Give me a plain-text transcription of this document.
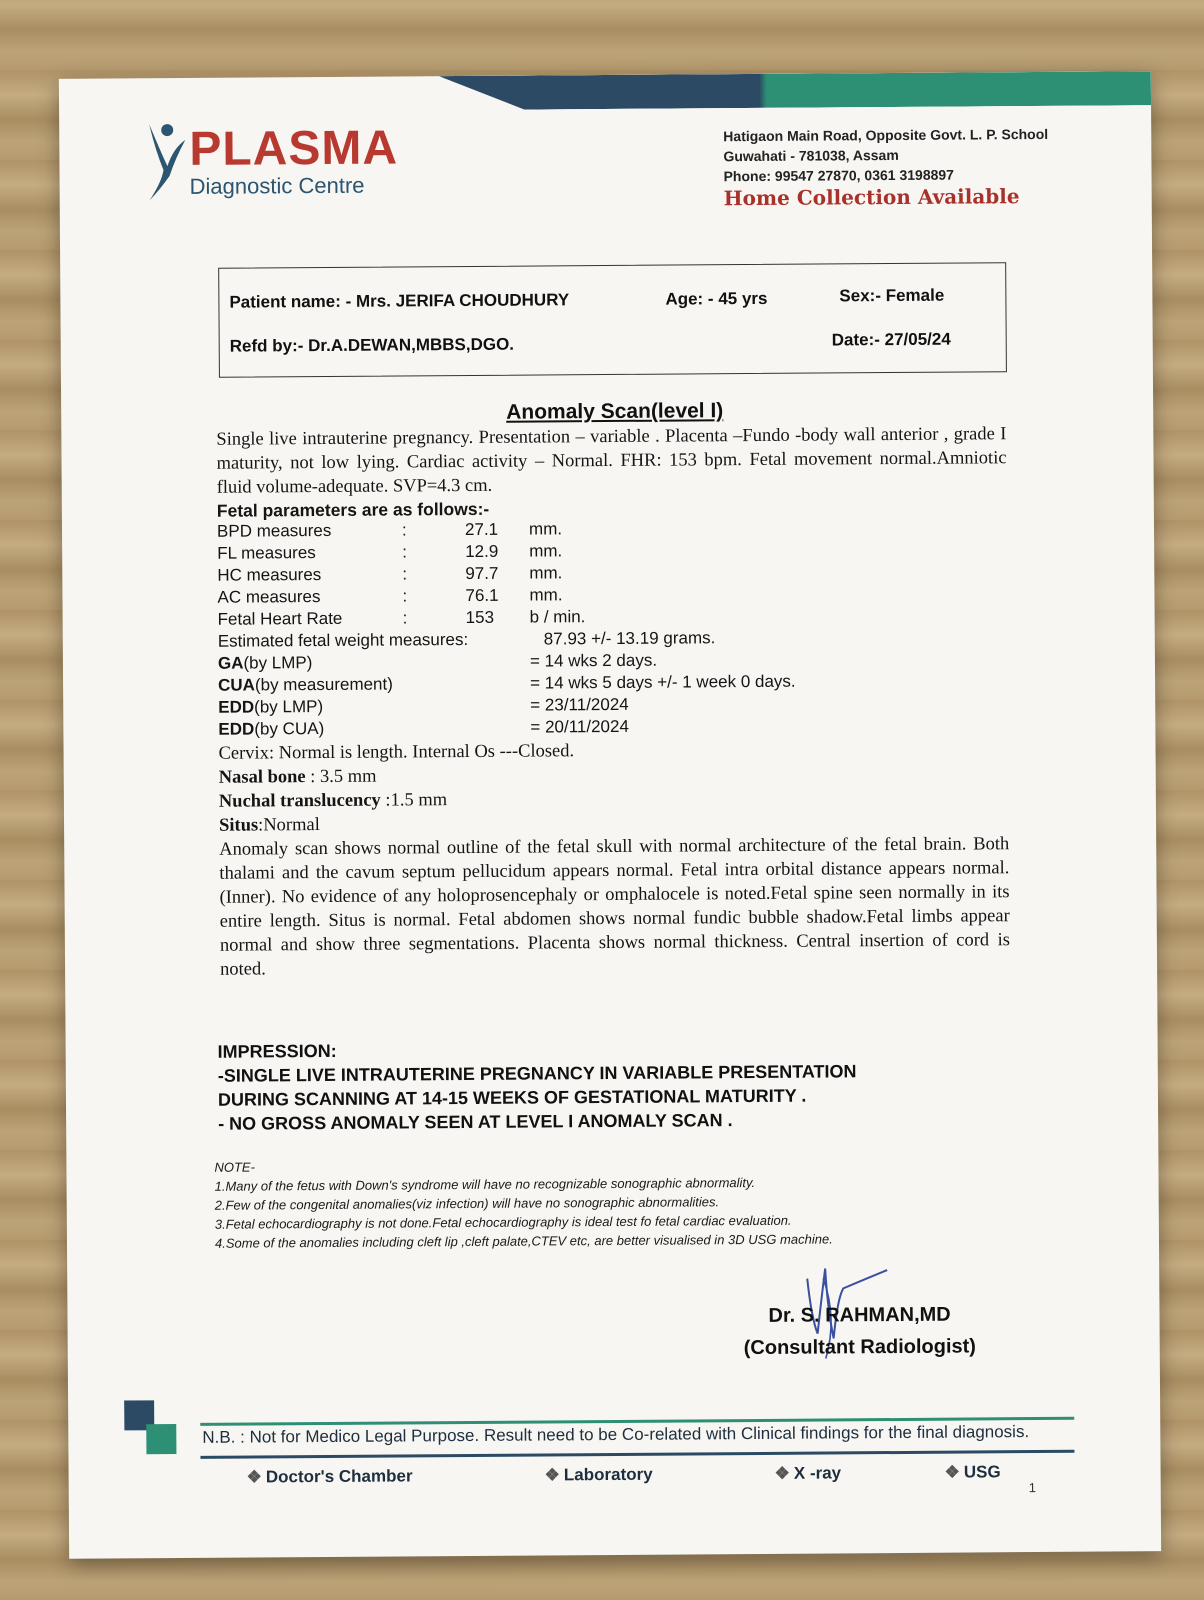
PLASMA
Diagnostic Centre
Hatigaon Main Road, Opposite Govt. L. P. School
Guwahati - 781038, Assam
Phone: 99547 27870, 0361 3198897
Home Collection Available
Patient name: - Mrs. JERIFA CHOUDHURY	Age: - 45 yrs	Sex:- Female
Refd by:- Dr.A.DEWAN,MBBS,DGO.	Date:- 27/05/24
Anomaly Scan(level I)
Single live intrauterine pregnancy. Presentation – variable . Placenta –Fundo -body wall anterior , grade I maturity, not low lying. Cardiac activity – Normal. FHR: 153 bpm. Fetal movement normal.Amniotic fluid volume-adequate. SVP=4.3 cm.
Fetal parameters are as follows:-
BPD measures	:	27.1 mm.
FL measures	:	12.9 mm.
HC measures	:	97.7 mm.
AC measures	:	76.1 mm.
Fetal Heart Rate	:	153 b / min.
Estimated fetal weight measures:	87.93 +/- 13.19 grams.
GA (by LMP)	= 14 wks 2 days.
CUA (by measurement)	= 14 wks 5 days +/- 1 week 0 days.
EDD (by LMP)	= 23/11/2024
EDD (by CUA)	= 20/11/2024
Cervix: Normal is length. Internal Os ---Closed.
Nasal bone : 3.5 mm
Nuchal translucency :1.5 mm
Situs:Normal
Anomaly scan shows normal outline of the fetal skull with normal architecture of the fetal brain. Both thalami and the cavum septum pellucidum appears normal. Fetal intra orbital distance appears normal. (Inner). No evidence of any holoprosencephaly or omphalocele is noted.Fetal spine seen normally in its entire length. Situs is normal. Fetal abdomen shows normal fundic bubble shadow.Fetal limbs appear normal and show three segmentations. Placenta shows normal thickness. Central insertion of cord is noted.
IMPRESSION:
-SINGLE LIVE INTRAUTERINE PREGNANCY IN VARIABLE PRESENTATION
DURING SCANNING AT 14-15 WEEKS OF GESTATIONAL MATURITY .
- NO GROSS ANOMALY SEEN AT LEVEL I ANOMALY SCAN .
NOTE-
1.Many of the fetus with Down's syndrome will have no recognizable sonographic abnormality.
2.Few of the congenital anomalies(viz infection) will have no sonographic abnormalities.
3.Fetal echocardiography is not done.Fetal echocardiography is ideal test fo fetal cardiac evaluation.
4.Some of the anomalies including cleft lip ,cleft palate,CTEV etc, are better visualised in 3D USG machine.
Dr. S. RAHMAN,MD
(Consultant Radiologist)
N.B. : Not for Medico Legal Purpose. Result need to be Co-related with Clinical findings for the final diagnosis.
❖ Doctor's Chamber	❖ Laboratory	❖ X -ray	❖ USG
1
